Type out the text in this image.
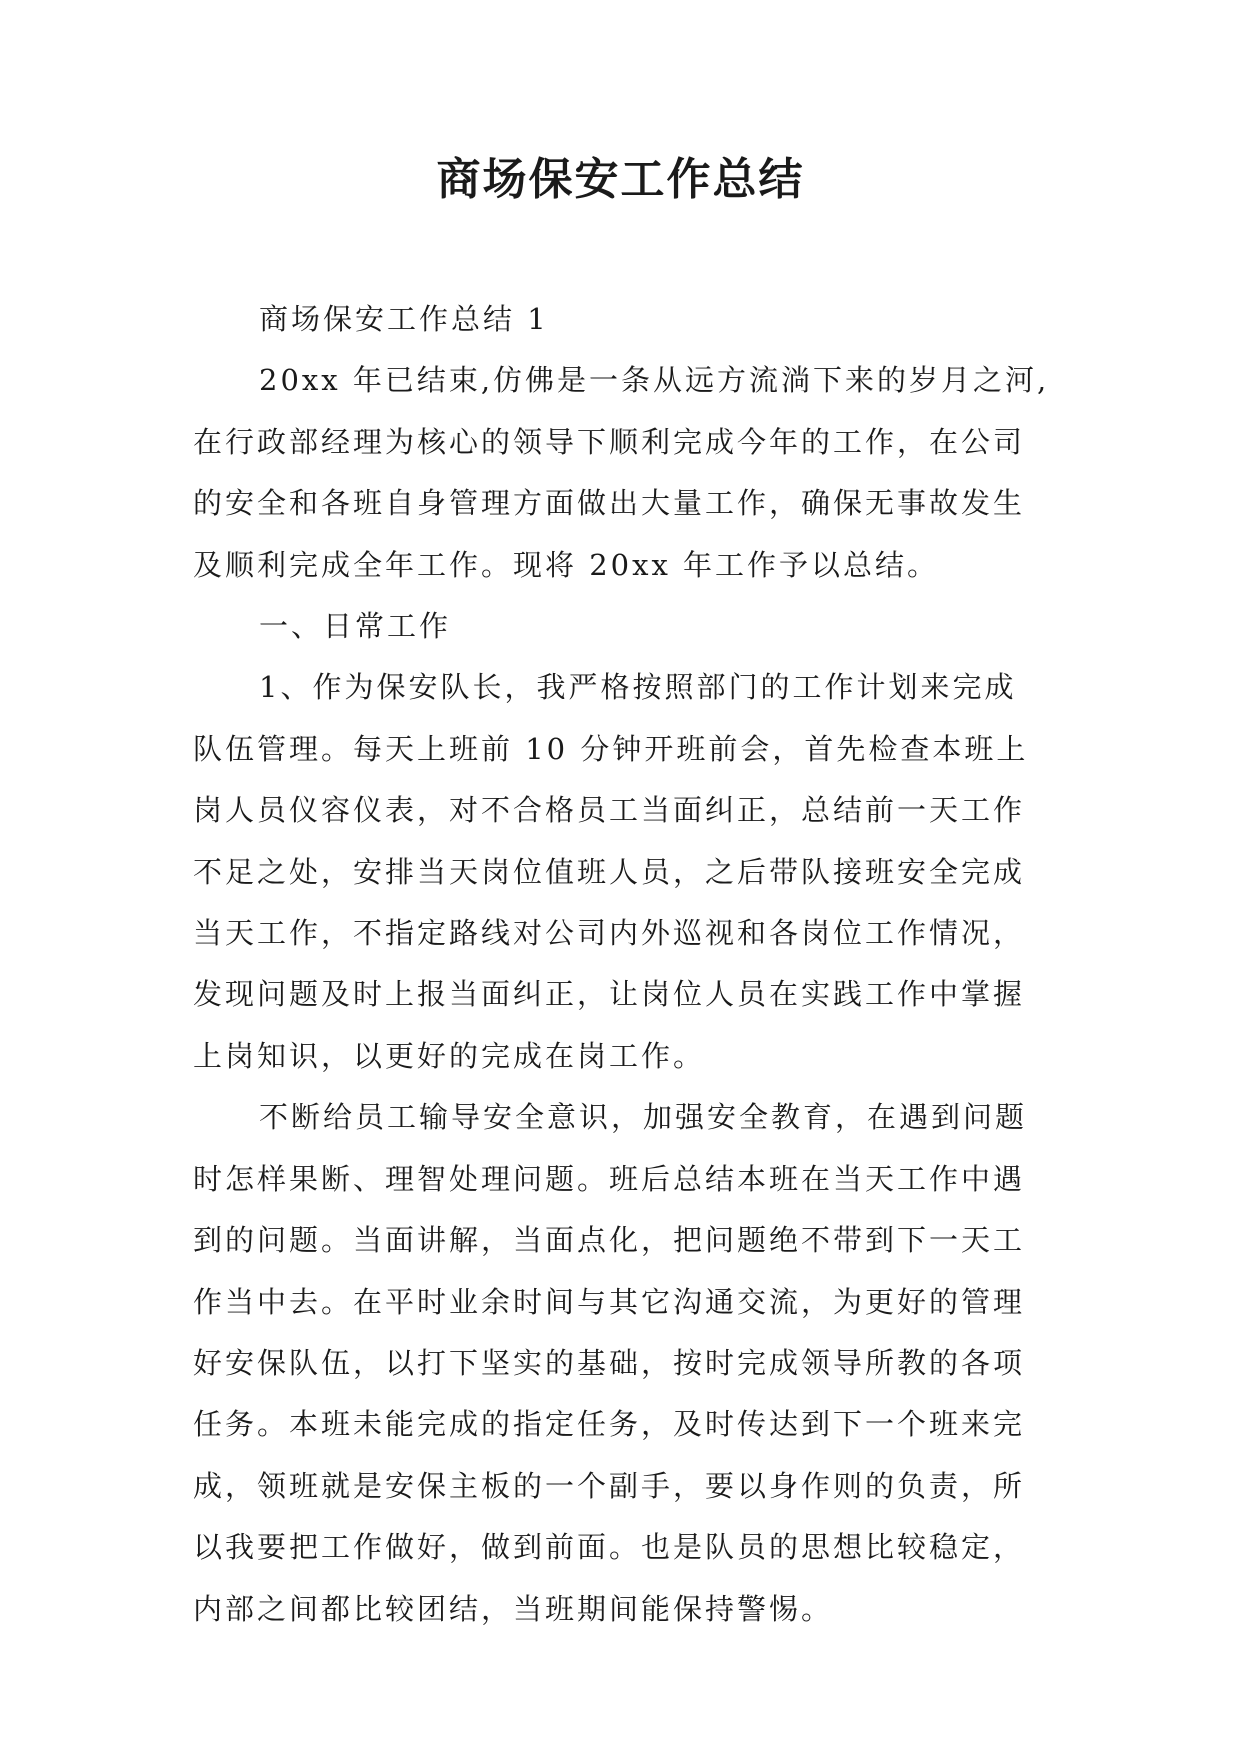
商场保安工作总结

商场保安工作总结 1

20xx 年已结束,仿佛是一条从远方流淌下来的岁月之河,
在行政部经理为核心的领导下顺利完成今年的工作，在公司
的安全和各班自身管理方面做出大量工作，确保无事故发生
及顺利完成全年工作。现将 20xx 年工作予以总结。

一、日常工作

1、作为保安队长，我严格按照部门的工作计划来完成
队伍管理。每天上班前 10 分钟开班前会，首先检查本班上
岗人员仪容仪表，对不合格员工当面纠正，总结前一天工作
不足之处，安排当天岗位值班人员，之后带队接班安全完成
当天工作，不指定路线对公司内外巡视和各岗位工作情况，
发现问题及时上报当面纠正，让岗位人员在实践工作中掌握
上岗知识，以更好的完成在岗工作。

不断给员工输导安全意识，加强安全教育，在遇到问题
时怎样果断、理智处理问题。班后总结本班在当天工作中遇
到的问题。当面讲解，当面点化，把问题绝不带到下一天工
作当中去。在平时业余时间与其它沟通交流，为更好的管理
好安保队伍，以打下坚实的基础，按时完成领导所教的各项
任务。本班未能完成的指定任务，及时传达到下一个班来完
成，领班就是安保主板的一个副手，要以身作则的负责，所
以我要把工作做好，做到前面。也是队员的思想比较稳定，
内部之间都比较团结，当班期间能保持警惕。
